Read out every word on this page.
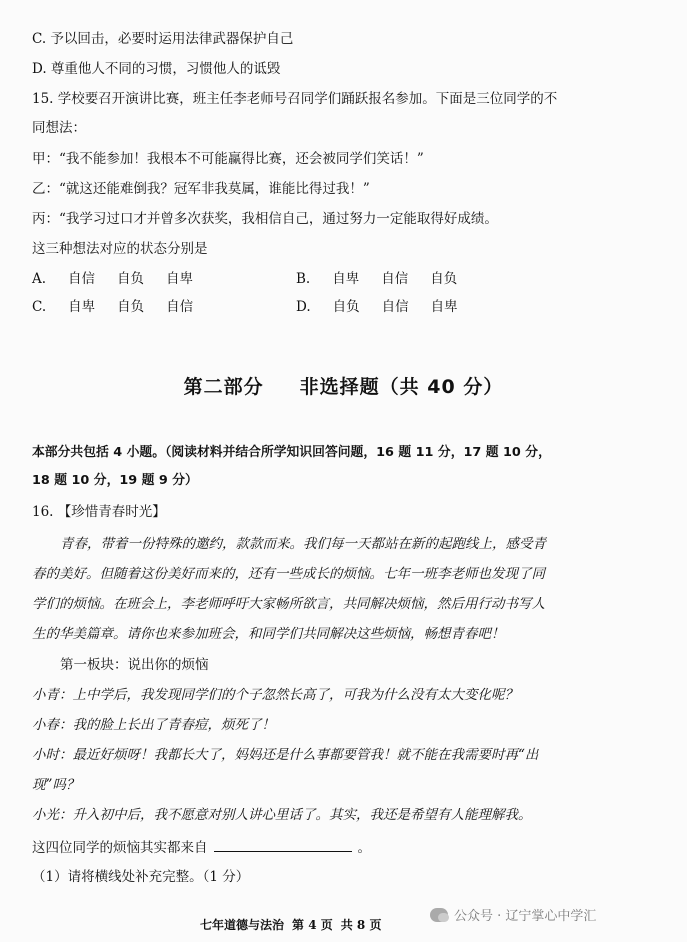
C. 予以回击，必要时运用法律武器保护自己
D. 尊重他人不同的习惯，习惯他人的诋毁
15. 学校要召开演讲比赛，班主任李老师号召同学们踊跃报名参加。下面是三位同学的不
同想法：
甲：“我不能参加！我根本不可能赢得比赛，还会被同学们笑话！”
乙：“就这还能难倒我？冠军非我莫属，谁能比得过我！”
丙：“我学习过口才并曾多次获奖，我相信自己，通过努力一定能取得好成绩。
这三种想法对应的状态分别是
A. 自信 自负 自卑	B. 自卑 自信 自负
C. 自卑 自负 自信	D. 自负 自信 自卑
第二部分 非选择题（共 40 分）
本部分共包括 4 小题。（阅读材料并结合所学知识回答问题，16 题 11 分，17 题 10 分，
18 题 10 分，19 题 9 分）
16. 【珍惜青春时光】
青春，带着一份特殊的邀约，款款而来。我们每一天都站在新的起跑线上，感受青
春的美好。但随着这份美好而来的，还有一些成长的烦恼。七年一班李老师也发现了同
学们的烦恼。在班会上，李老师呼吁大家畅所欲言，共同解决烦恼，然后用行动书写人
生的华美篇章。请你也来参加班会，和同学们共同解决这些烦恼，畅想青春吧！
第一板块：说出你的烦恼
小青：上中学后，我发现同学们的个子忽然长高了，可我为什么没有太大变化呢？
小春：我的脸上长出了青春痘，烦死了！
小时：最近好烦呀！我都长大了，妈妈还是什么事都要管我！就不能在我需要时再“出
现”吗？
小光：升入初中后，我不愿意对别人讲心里话了。其实，我还是希望有人能理解我。
这四位同学的烦恼其实都来自	。
（1）请将横线处补充完整。（1 分）
七年道德与法治 第 4 页 共 8 页
公众号 · 辽宁掌心中学汇
